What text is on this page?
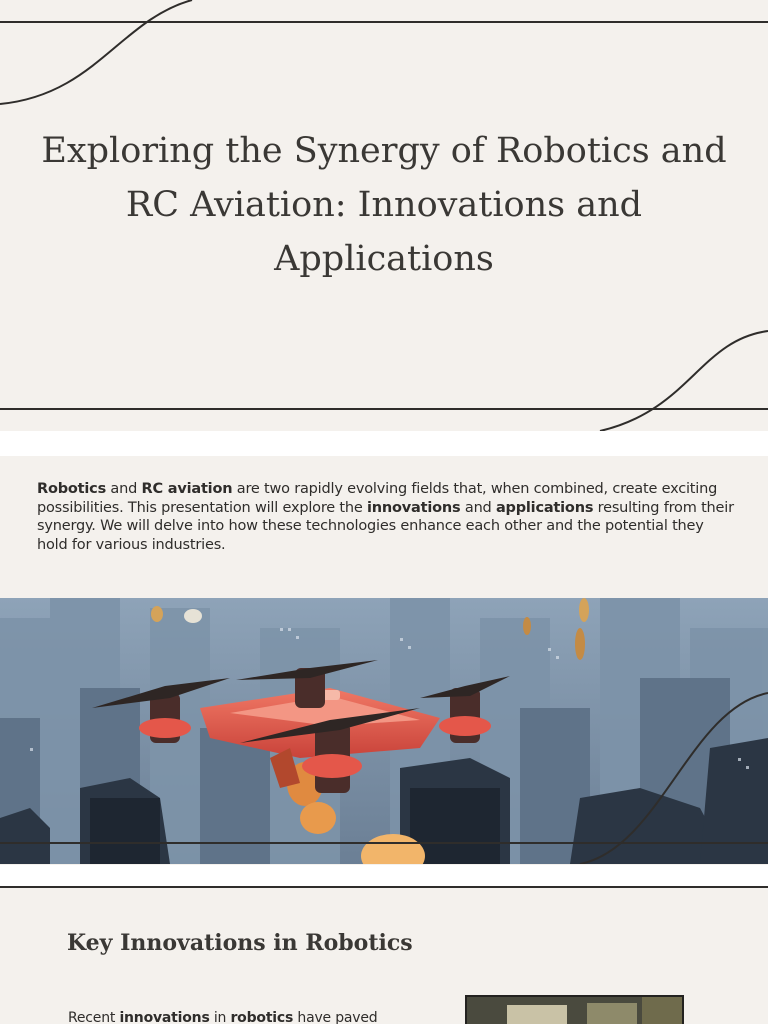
Exploring the Synergy of Robotics and RC Aviation: Innovations and Applications

Robotics and RC aviation are two rapidly evolving fields that, when combined, create exciting possibilities. This presentation will explore the innovations and applications resulting from their synergy. We will delve into how these technologies enhance each other and the potential they hold for various industries.

Key Innovations in Robotics

Recent innovations in robotics have paved
